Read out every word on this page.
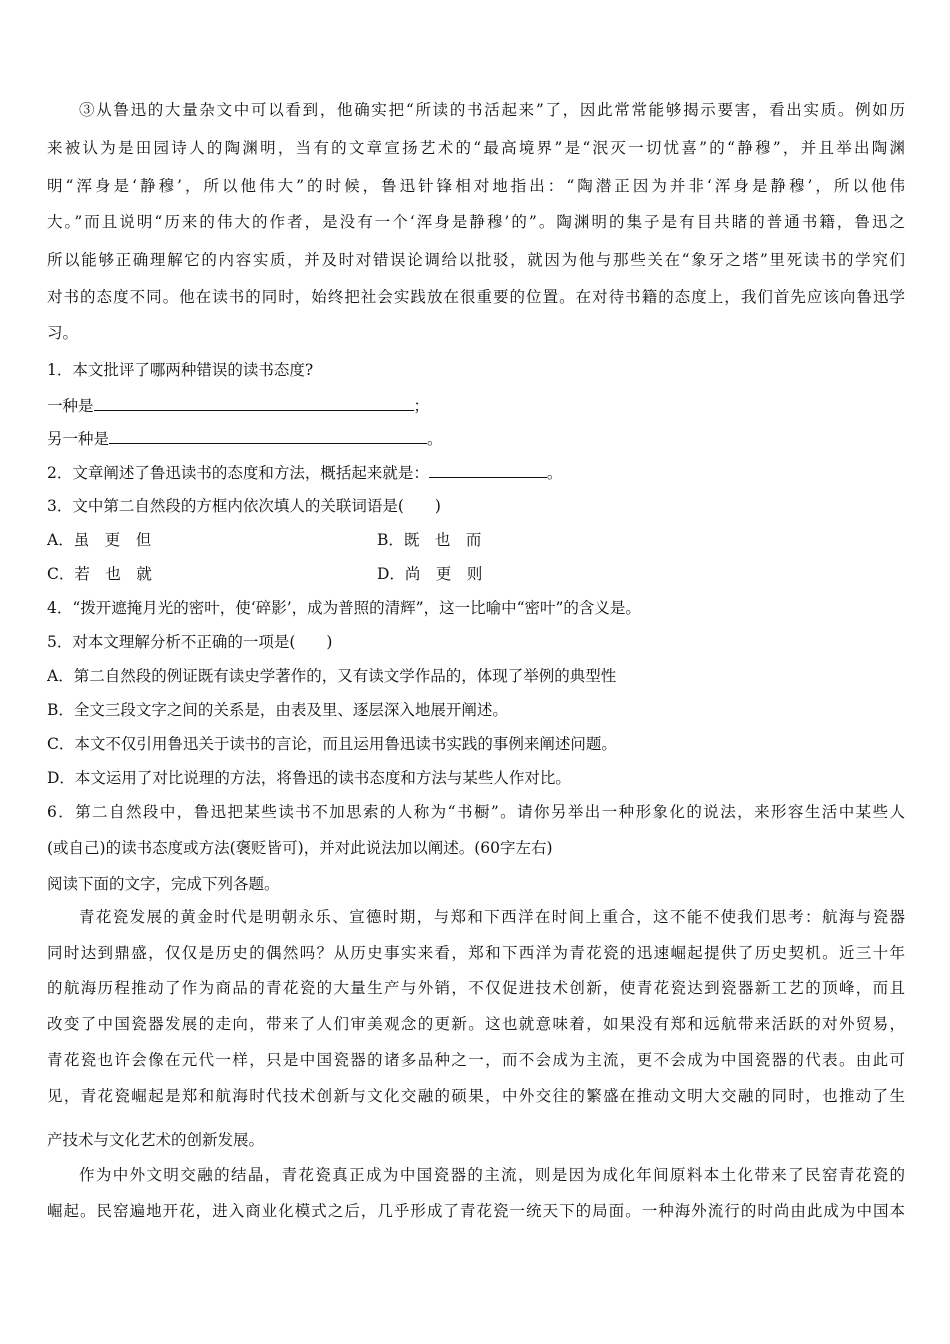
③从鲁迅的大量杂文中可以看到，他确实把“所读的书活起来”了，因此常常能够揭示要害，看出实质。例如历
来被认为是田园诗人的陶渊明，当有的文章宣扬艺术的“最高境界”是“泯灭一切忧喜”的“静穆”，并且举出陶渊
明“浑身是‘静穆’，所以他伟大”的时候，鲁迅针锋相对地指出：“陶潜正因为并非‘浑身是静穆’，所以他伟
大。”而且说明“历来的伟大的作者，是没有一个‘浑身是静穆’的”。陶渊明的集子是有目共睹的普通书籍，鲁迅之
所以能够正确理解它的内容实质，并及时对错误论调给以批驳，就因为他与那些关在“象牙之塔”里死读书的学究们
对书的态度不同。他在读书的同时，始终把社会实践放在很重要的位置。在对待书籍的态度上，我们首先应该向鲁迅学
习。
1．本文批评了哪两种错误的读书态度?
一种是	；
另一种是	。
2．文章阐述了鲁迅读书的态度和方法，概括起来就是：	。
3．文中第二自然段的方框内依次填人的关联词语是(　　)
A．虽　更　但	B．既　也　而
C．若　也　就	D．尚　更　则
4．“拨开遮掩月光的密叶，使‘碎影’，成为普照的清辉”，这一比喻中“密叶”的含义是。
5．对本文理解分析不正确的一项是(　　)
A．第二自然段的例证既有读史学著作的，又有读文学作品的，体现了举例的典型性
B．全文三段文字之间的关系是，由表及里、逐层深入地展开阐述。
C．本文不仅引用鲁迅关于读书的言论，而且运用鲁迅读书实践的事例来阐述问题。
D．本文运用了对比说理的方法，将鲁迅的读书态度和方法与某些人作对比。
6．第二自然段中，鲁迅把某些读书不加思索的人称为“书橱”。请你另举出一种形象化的说法，来形容生活中某些人
(或自己)的读书态度或方法(褒贬皆可)，并对此说法加以阐述。(60字左右)
阅读下面的文字，完成下列各题。
青花瓷发展的黄金时代是明朝永乐、宣德时期，与郑和下西洋在时间上重合，这不能不使我们思考：航海与瓷器
同时达到鼎盛，仅仅是历史的偶然吗？从历史事实来看，郑和下西洋为青花瓷的迅速崛起提供了历史契机。近三十年
的航海历程推动了作为商品的青花瓷的大量生产与外销，不仅促进技术创新，使青花瓷达到瓷器新工艺的顶峰，而且
改变了中国瓷器发展的走向，带来了人们审美观念的更新。这也就意味着，如果没有郑和远航带来活跃的对外贸易，
青花瓷也许会像在元代一样，只是中国瓷器的诸多品种之一，而不会成为主流，更不会成为中国瓷器的代表。由此可
见，青花瓷崛起是郑和航海时代技术创新与文化交融的硕果，中外交往的繁盛在推动文明大交融的同时，也推动了生
产技术与文化艺术的创新发展。
作为中外文明交融的结晶，青花瓷真正成为中国瓷器的主流，则是因为成化年间原料本土化带来了民窑青花瓷的
崛起。民窑遍地开花，进入商业化模式之后，几乎形成了青花瓷一统天下的局面。一种海外流行的时尚由此成为中国本
